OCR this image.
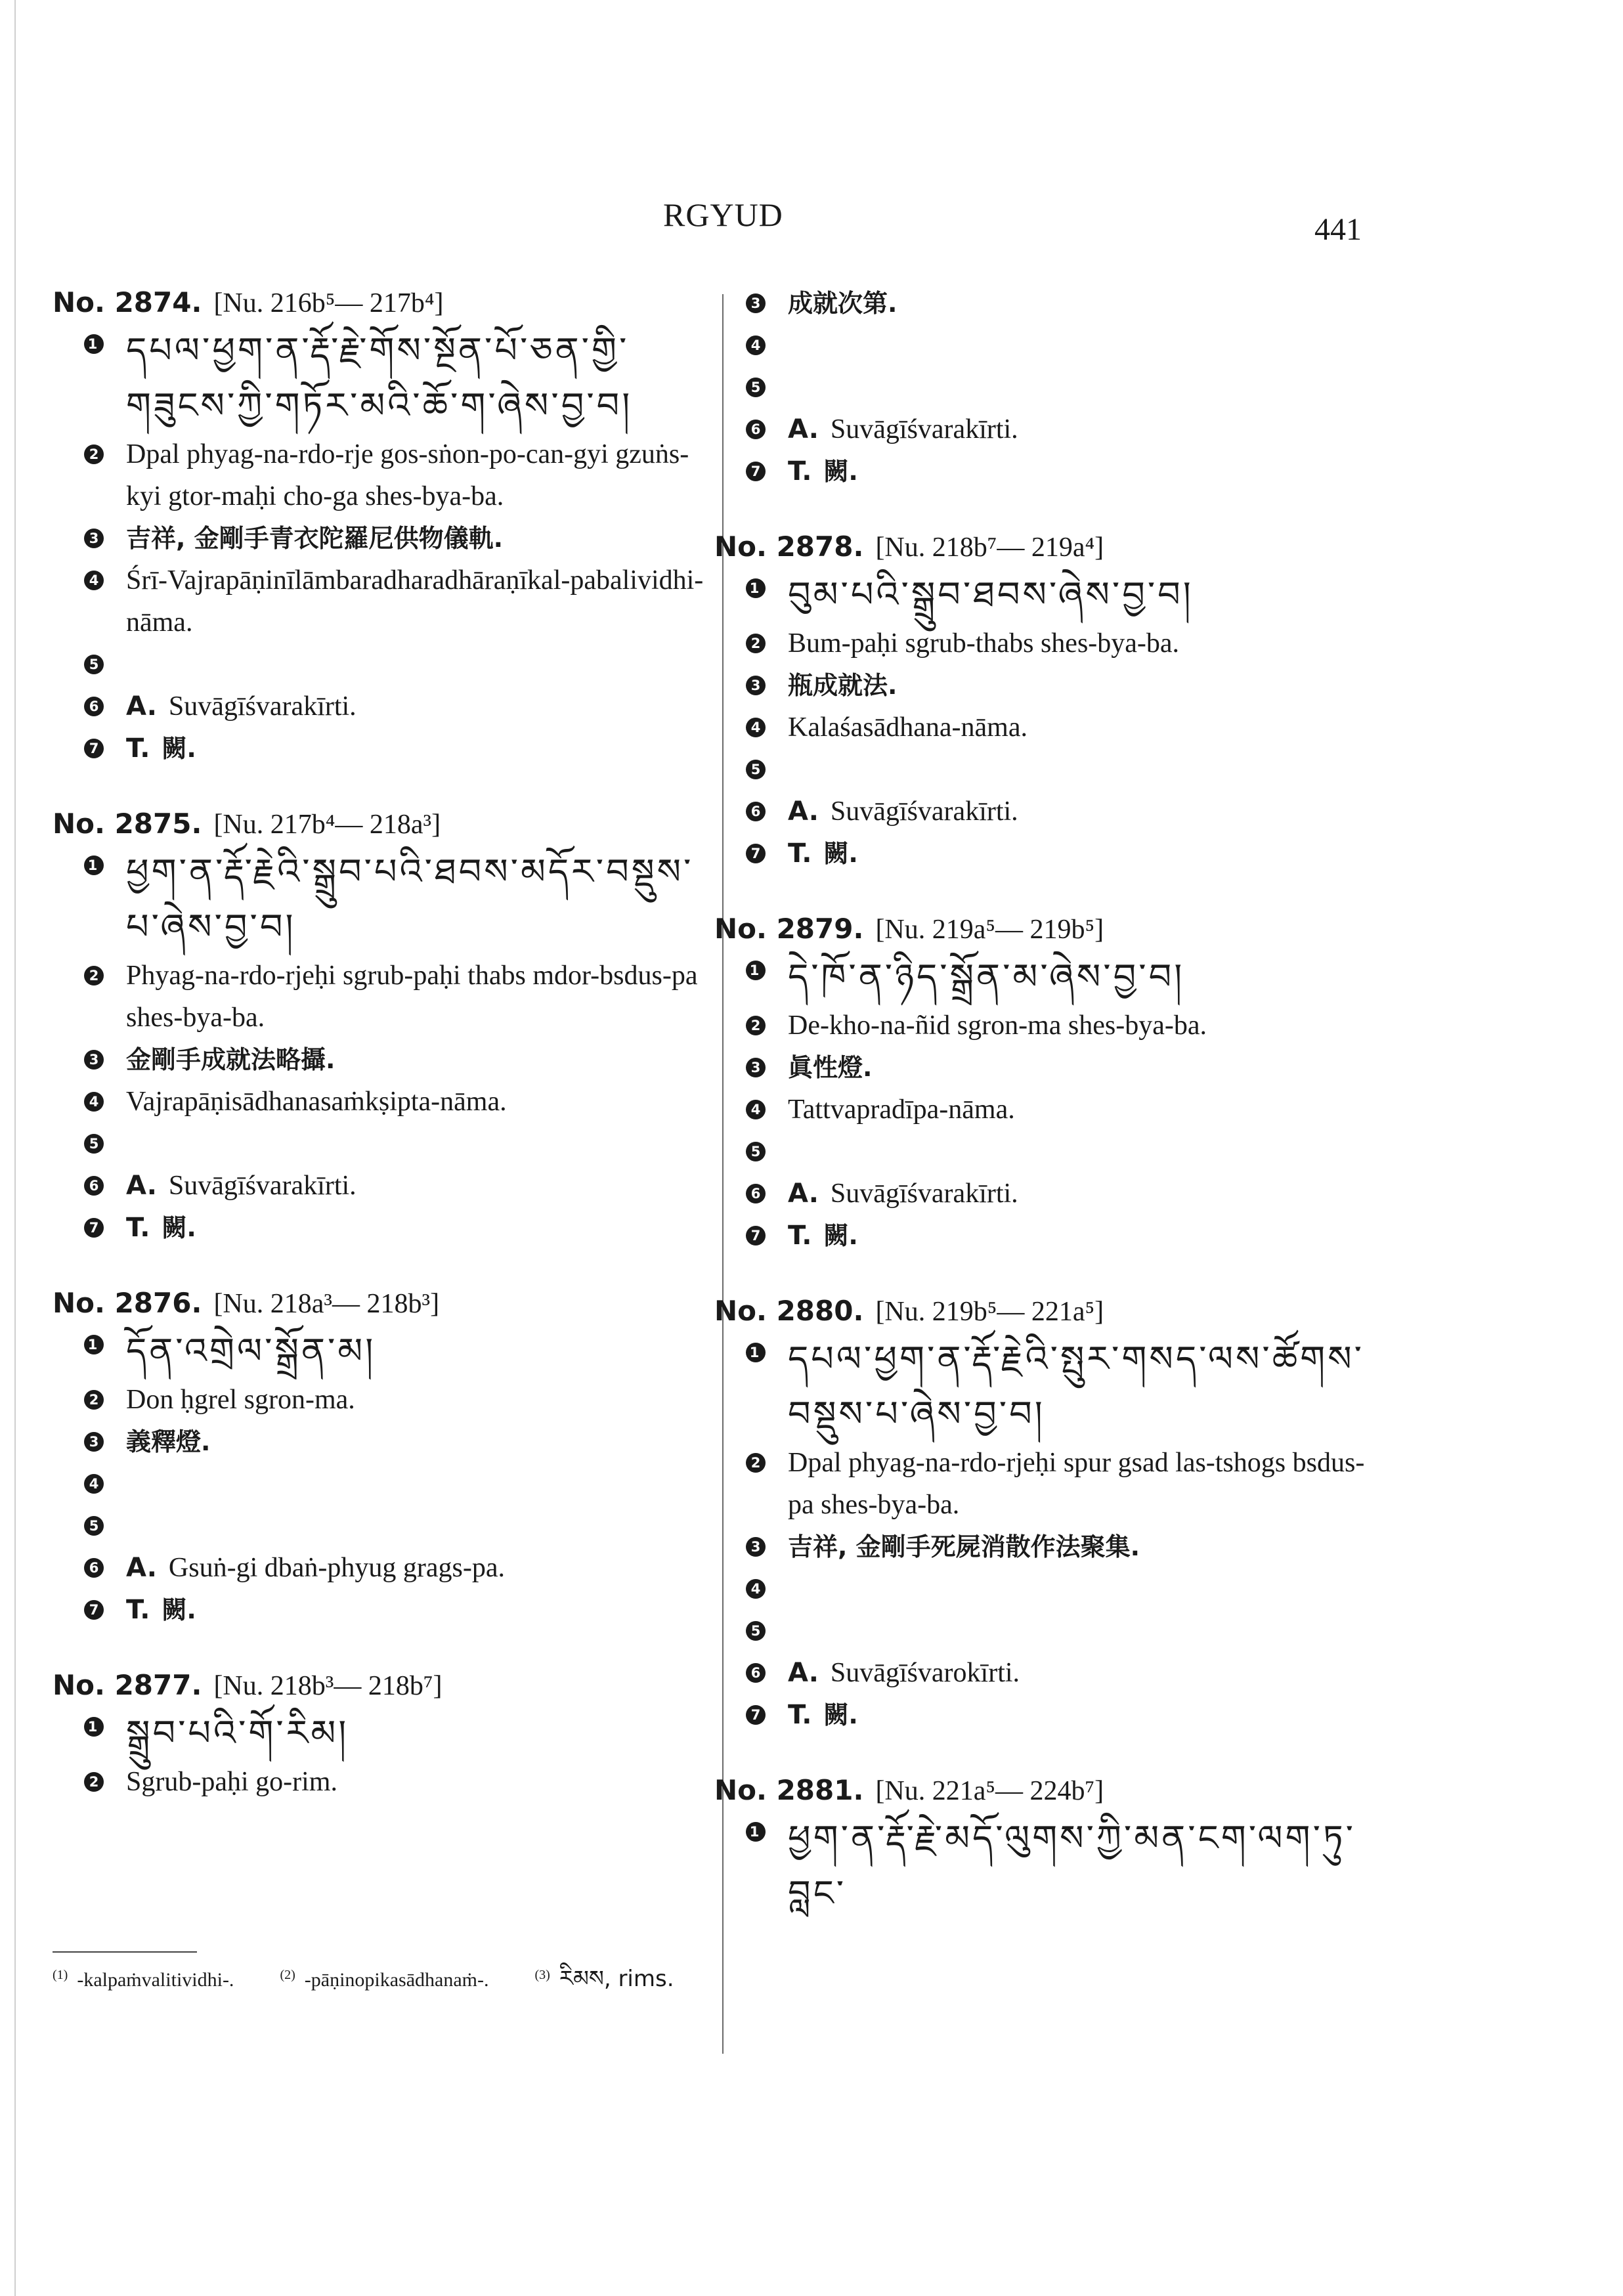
RGYUD	441
No. 2874. [Nu. 216b⁵— 217b⁴]
1 དཔལ་ཕྱག་ན་རྡོ་རྗེ་གོས་སྔོན་པོ་ཅན་གྱི་གཟུངས་ཀྱི་གཏོར་མའི་ཆོ་ག་ཞེས་བྱ་བ།
2 Dpal phyag-na-rdo-rje gos-sṅon-po-can-gyi gzuṅs-kyi gtor-maḥi cho-ga shes-bya-ba.
3 吉祥, 金剛手青衣陀羅尼供物儀軌.
4 Śrī-Vajrapāṇinīlāmbaradharadhāraṇīkal-pabalividhi-nāma.
5
6 A. Suvāgīśvarakīrti.
7 T. 闕.
No. 2875. [Nu. 217b⁴— 218a³]
1 ཕྱག་ན་རྡོ་རྗེའི་སྒྲུབ་པའི་ཐབས་མདོར་བསྡུས་པ་ཞེས་བྱ་བ།
2 Phyag-na-rdo-rjeḥi sgrub-paḥi thabs mdor-bsdus-pa shes-bya-ba.
3 金剛手成就法略攝.
4 Vajrapāṇisādhanasaṁkṣipta-nāma.
5
6 A. Suvāgīśvarakīrti.
7 T. 闕.
No. 2876. [Nu. 218a³— 218b³]
1 དོན་འགྲེལ་སྒྲོན་མ།
2 Don ḥgrel sgron-ma.
3 義釋燈.
4
5
6 A. Gsuṅ-gi dbaṅ-phyug grags-pa.
7 T. 闕.
No. 2877. [Nu. 218b³— 218b⁷]
1 སྒྲུབ་པའི་གོ་རིམ།
2 Sgrub-paḥi go-rim.
3 成就次第.
4
5
6 A. Suvāgīśvarakīrti.
7 T. 闕.
No. 2878. [Nu. 218b⁷— 219a⁴]
1 བུམ་པའི་སྒྲུབ་ཐབས་ཞེས་བྱ་བ།
2 Bum-paḥi sgrub-thabs shes-bya-ba.
3 瓶成就法.
4 Kalaśasādhana-nāma.
5
6 A. Suvāgīśvarakīrti.
7 T. 闕.
No. 2879. [Nu. 219a⁵— 219b⁵]
1 དེ་ཁོ་ན་ཉིད་སྒྲོན་མ་ཞེས་བྱ་བ།
2 De-kho-na-ñid sgron-ma shes-bya-ba.
3 眞性燈.
4 Tattvapradīpa-nāma.
5
6 A. Suvāgīśvarakīrti.
7 T. 闕.
No. 2880. [Nu. 219b⁵— 221a⁵]
1 དཔལ་ཕྱག་ན་རྡོ་རྗེའི་སྤུར་གསད་ལས་ཚོགས་བསྡུས་པ་ཞེས་བྱ་བ།
2 Dpal phyag-na-rdo-rjeḥi spur gsad las-tshogs bsdus-pa shes-bya-ba.
3 吉祥, 金剛手死屍消散作法聚集.
4
5
6 A. Suvāgīśvarokīrti.
7 T. 闕.
No. 2881. [Nu. 221a⁵— 224b⁷]
1 ཕྱག་ན་རྡོ་རྗེ་མདོ་ལུགས་ཀྱི་མན་ངག་ལག་ཏུ་བླང་
$^{(1)}$ -kalpaṁvalitividhi-.	$^{(2)}$ -pāṇinopikasādhanaṁ-.	$^{(3)}$ རིམས, rims.
